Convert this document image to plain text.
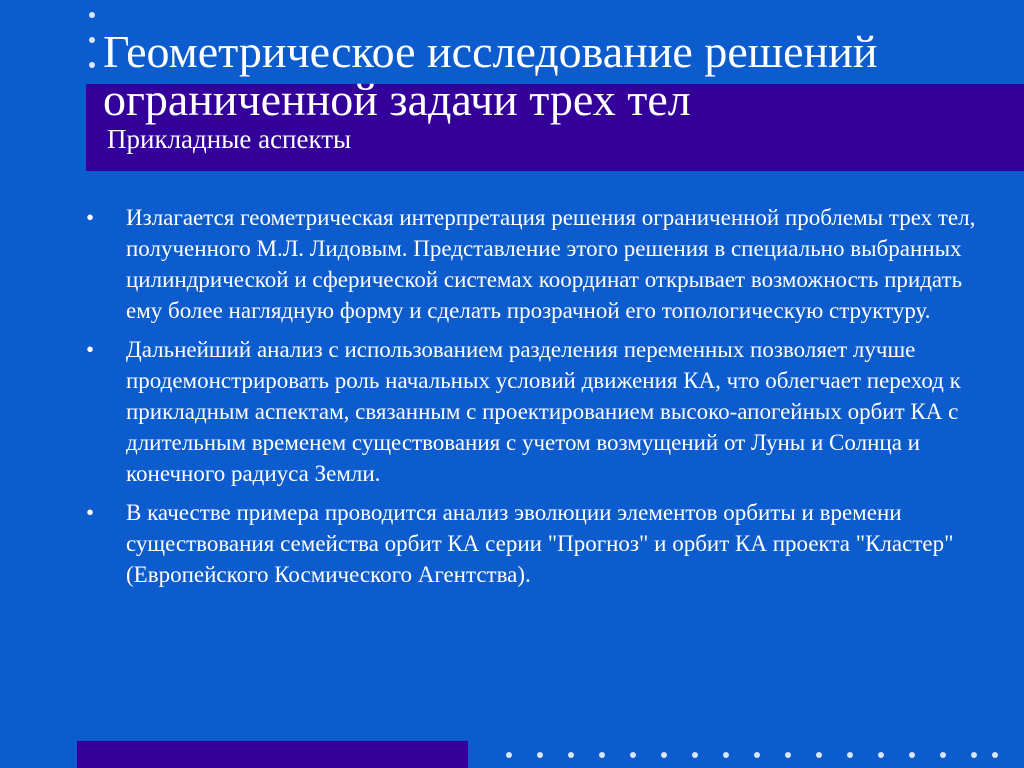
Геометрическое исследование решений ограниченной задачи трех тел
Прикладные аспекты
•	Излагается геометрическая интерпретация решения ограниченной проблемы трех тел, полученного М.Л. Лидовым. Представление этого решения в специально выбранных цилиндрической и сферической системах координат открывает возможность придать ему более наглядную форму и сделать прозрачной его топологическую структуру.
•	Дальнейший анализ с использованием разделения переменных позволяет лучше продемонстрировать роль начальных условий движения КА, что облегчает переход к прикладным аспектам, связанным с проектированием высоко-апогейных орбит КА с длительным временем существования с учетом возмущений от Луны и Солнца и конечного радиуса Земли.
•	В качестве примера проводится анализ эволюции элементов орбиты и времени существования семейства орбит КА серии "Прогноз" и орбит КА проекта "Кластер" (Европейского Космического Агентства).
